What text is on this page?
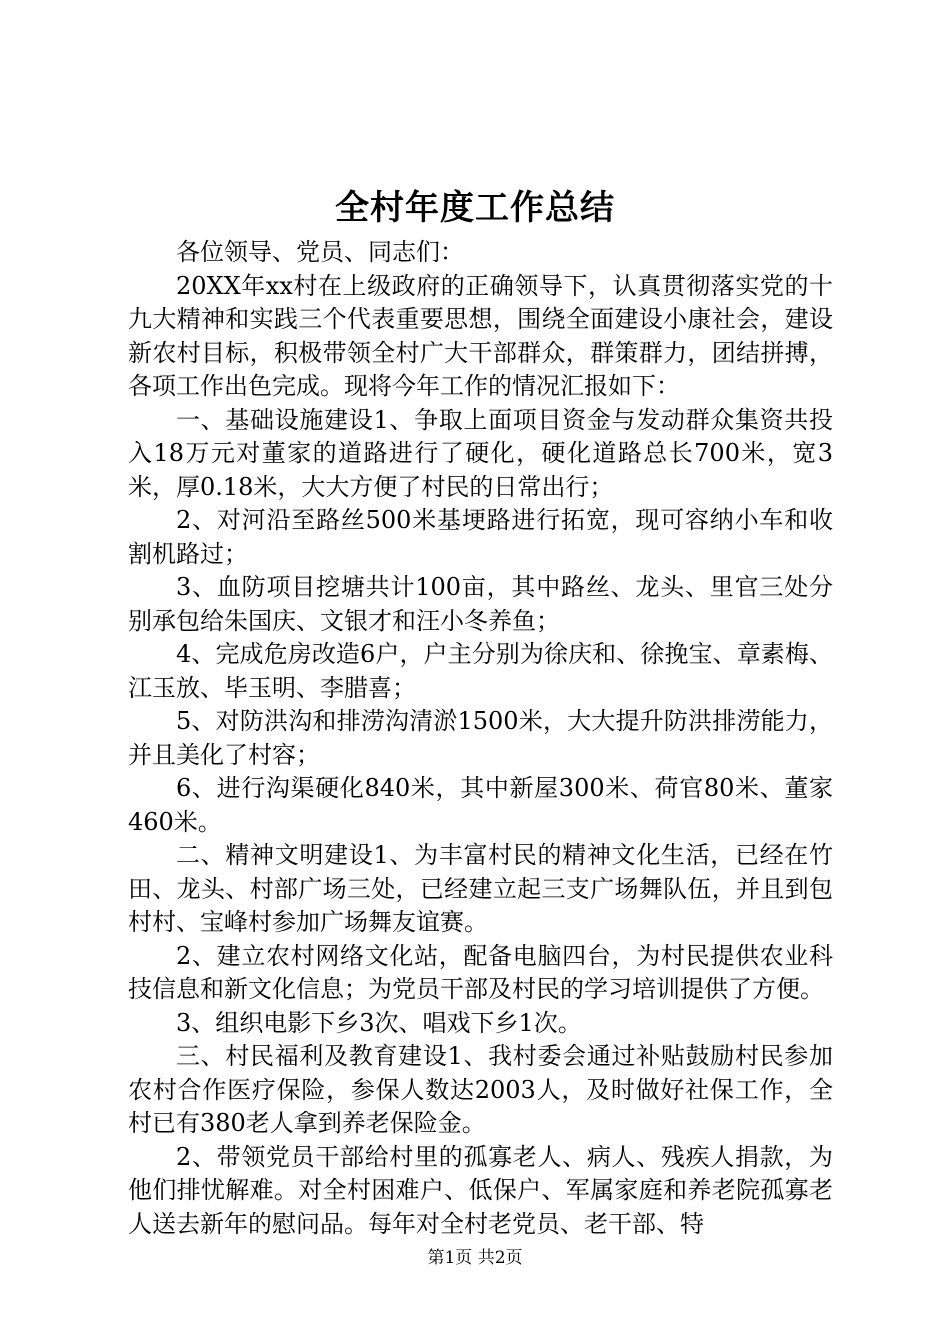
全村年度工作总结

各位领导、党员、同志们：

20XX年xx村在上级政府的正确领导下，认真贯彻落实党的十九大精神和实践三个代表重要思想，围绕全面建设小康社会，建设新农村目标，积极带领全村广大干部群众，群策群力，团结拼搏，各项工作出色完成。现将今年工作的情况汇报如下：

一、基础设施建设1、争取上面项目资金与发动群众集资共投入18万元对董家的道路进行了硬化，硬化道路总长700米，宽3米，厚0.18米，大大方便了村民的日常出行；

2、对河沿至路丝500米基埂路进行拓宽，现可容纳小车和收割机路过；

3、血防项目挖塘共计100亩，其中路丝、龙头、里官三处分别承包给朱国庆、文银才和汪小冬养鱼；

4、完成危房改造6户，户主分别为徐庆和、徐挽宝、章素梅、江玉放、毕玉明、李腊喜；

5、对防洪沟和排涝沟清淤1500米，大大提升防洪排涝能力，并且美化了村容；

6、进行沟渠硬化840米，其中新屋300米、荷官80米、董家460米。

二、精神文明建设1、为丰富村民的精神文化生活，已经在竹田、龙头、村部广场三处，已经建立起三支广场舞队伍，并且到包村村、宝峰村参加广场舞友谊赛。

2、建立农村网络文化站，配备电脑四台，为村民提供农业科技信息和新文化信息；为党员干部及村民的学习培训提供了方便。

3、组织电影下乡3次、唱戏下乡1次。

三、村民福利及教育建设1、我村委会通过补贴鼓励村民参加农村合作医疗保险，参保人数达2003人，及时做好社保工作，全村已有380老人拿到养老保险金。

2、带领党员干部给村里的孤寡老人、病人、残疾人捐款，为他们排忧解难。对全村困难户、低保户、军属家庭和养老院孤寡老人送去新年的慰问品。每年对全村老党员、老干部、特

第1页 共2页
